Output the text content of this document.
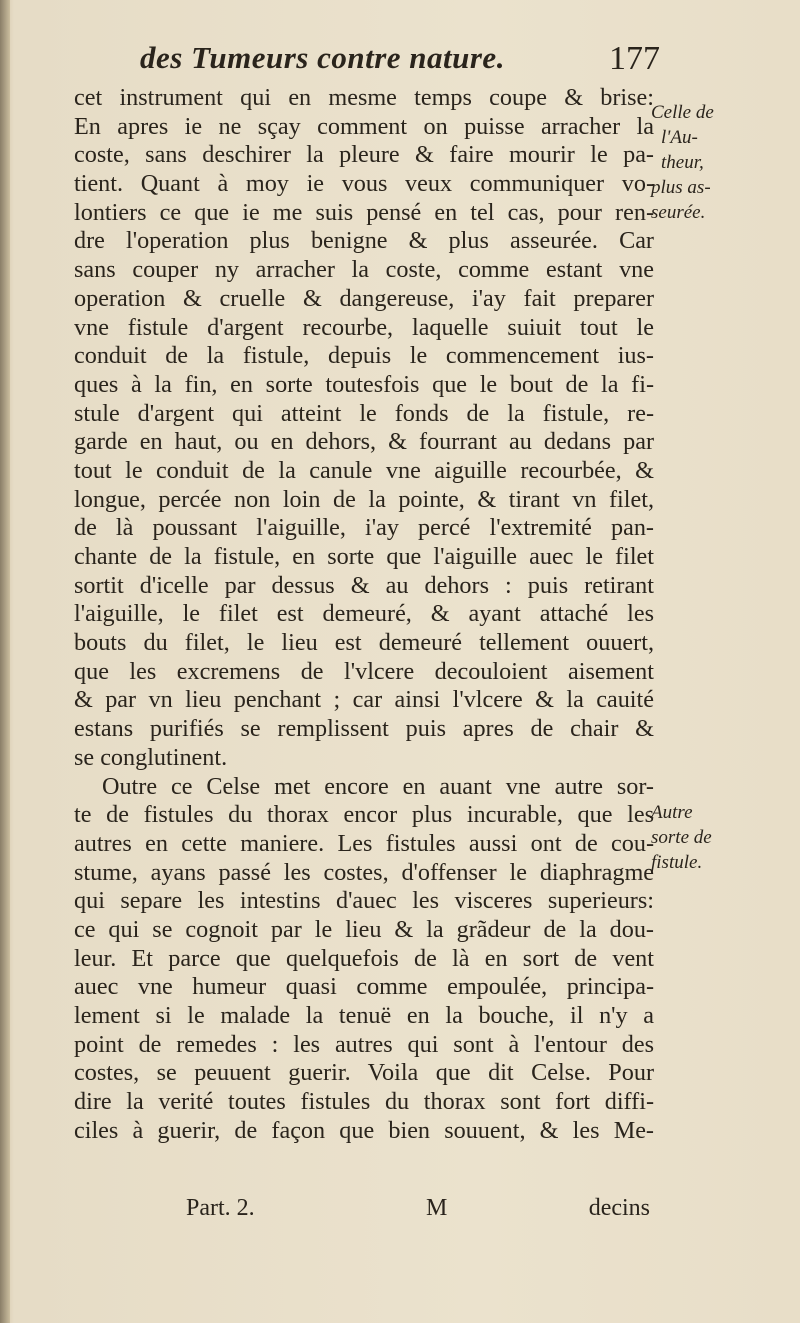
des Tumeurs contre nature.	177
cet instrument qui en mesme temps coupe & brise:
En apres ie ne sçay comment on puisse arracher la
coste, sans deschirer la pleure & faire mourir le pa-
tient. Quant à moy ie vous veux communiquer vo-
lontiers ce que ie me suis pensé en tel cas, pour ren-
dre l'operation plus benigne & plus asseurée. Car
sans couper ny arracher la coste, comme estant vne
operation & cruelle & dangereuse, i'ay fait preparer
vne fistule d'argent recourbe, laquelle suiuit tout le
conduit de la fistule, depuis le commencement ius-
ques à la fin, en sorte toutesfois que le bout de la fi-
stule d'argent qui atteint le fonds de la fistule, re-
garde en haut, ou en dehors, & fourrant au dedans par
tout le conduit de la canule vne aiguille recourbée, &
longue, percée non loin de la pointe, & tirant vn filet,
de là poussant l'aiguille, i'ay percé l'extremité pan-
chante de la fistule, en sorte que l'aiguille auec le filet
sortit d'icelle par dessus & au dehors : puis retirant
l'aiguille, le filet est demeuré, & ayant attaché les
bouts du filet, le lieu est demeuré tellement ouuert,
que les excremens de l'vlcere decouloient aisement
& par vn lieu penchant ; car ainsi l'vlcere & la cauité
estans purifiés se remplissent puis apres de chair &
se conglutinent.
Outre ce Celse met encore en auant vne autre sor-
te de fistules du thorax encor plus incurable, que les
autres en cette maniere. Les fistules aussi ont de cou-
stume, ayans passé les costes, d'offenser le diaphragme
qui separe les intestins d'auec les visceres superieurs:
ce qui se cognoit par le lieu & la grãdeur de la dou-
leur. Et parce que quelquefois de là en sort de vent
auec vne humeur quasi comme empoulée, principa-
lement si le malade la tenuë en la bouche, il n'y a
point de remedes : les autres qui sont à l'entour des
costes, se peuuent guerir. Voila que dit Celse. Pour
dire la verité toutes fistules du thorax sont fort diffi-
ciles à guerir, de façon que bien souuent, & les Me-
Celle de
l'Au-
theur,
plus as-
seurée.
Autre
sorte de
fistule.
Part. 2.	M	decins
